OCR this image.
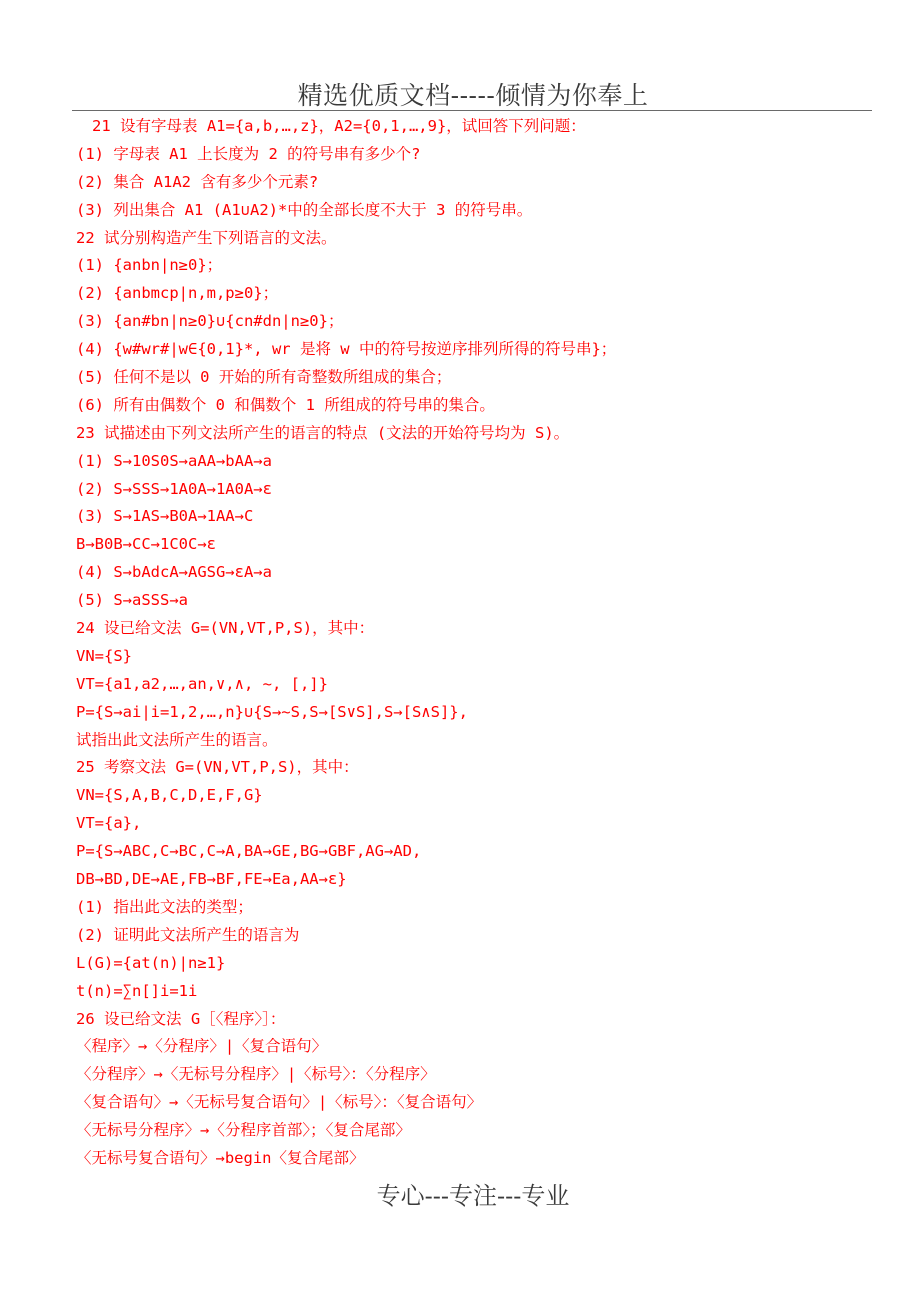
精选优质文档-----倾情为你奉上
21 设有字母表 A1={a,b,…,z}，A2={0,1,…,9}，试回答下列问题：
(1) 字母表 A1 上长度为 2 的符号串有多少个?
(2) 集合 A1A2 含有多少个元素?
(3) 列出集合 A1 (A1∪A2)*中的全部长度不大于 3 的符号串。
22 试分别构造产生下列语言的文法。
(1) {anbn|n≥0}；
(2) {anbmcp|n,m,p≥0}；
(3) {an#bn|n≥0}∪{cn#dn|n≥0}；
(4) {w#wr#|w∈{0,1}*, wr 是将 w 中的符号按逆序排列所得的符号串}；
(5) 任何不是以 0 开始的所有奇整数所组成的集合；
(6) 所有由偶数个 0 和偶数个 1 所组成的符号串的集合。
23 试描述由下列文法所产生的语言的特点 (文法的开始符号均为 S)。
(1) S→10S0S→aAA→bAA→a
(2) S→SSS→1A0A→1A0A→ε
(3) S→1AS→B0A→1AA→C
B→B0B→CC→1C0C→ε
(4) S→bAdcA→AGSG→εA→a
(5) S→aSSS→a
24 设已给文法 G=(VN,VT,P,S)，其中：
VN={S}
VT={a1,a2,…,an,∨,∧, ~, [,]}
P={S→ai|i=1,2,…,n}∪{S→~S,S→[S∨S],S→[S∧S]},
试指出此文法所产生的语言。
25 考察文法 G=(VN,VT,P,S)，其中：
VN={S,A,B,C,D,E,F,G}
VT={a},
P={S→ABC,C→BC,C→A,BA→GE,BG→GBF,AG→AD,
DB→BD,DE→AE,FB→BF,FE→Ea,AA→ε}
(1) 指出此文法的类型；
(2) 证明此文法所产生的语言为
L(G)={at(n)|n≥1}
t(n)=∑n[]i=1i
26 设已给文法 G［〈程序〉］：
〈程序〉→〈分程序〉|〈复合语句〉
〈分程序〉→〈无标号分程序〉|〈标号〉：〈分程序〉
〈复合语句〉→〈无标号复合语句〉|〈标号〉：〈复合语句〉
〈无标号分程序〉→〈分程序首部〉；〈复合尾部〉
〈无标号复合语句〉→begin〈复合尾部〉
专心---专注---专业
